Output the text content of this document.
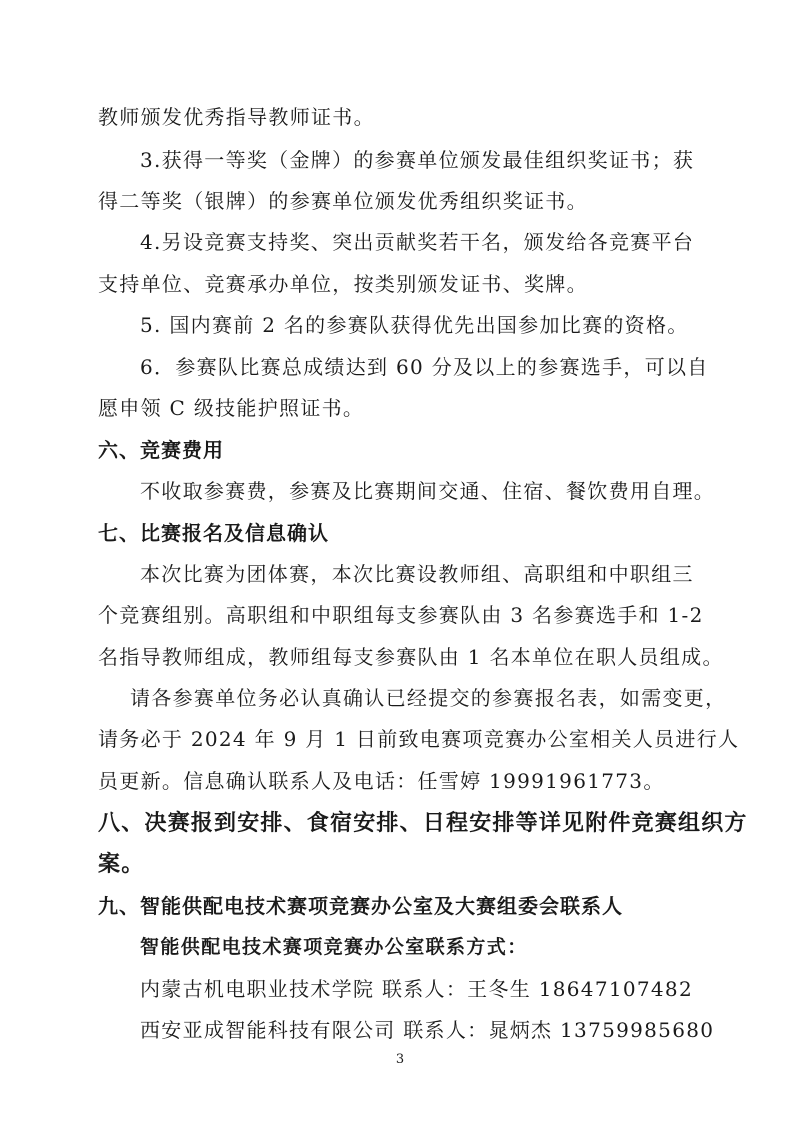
教师颁发优秀指导教师证书。
3.获得一等奖（金牌）的参赛单位颁发最佳组织奖证书；获
得二等奖（银牌）的参赛单位颁发优秀组织奖证书。
4.另设竞赛支持奖、突出贡献奖若干名，颁发给各竞赛平台
支持单位、竞赛承办单位，按类别颁发证书、奖牌。
5. 国内赛前 2 名的参赛队获得优先出国参加比赛的资格。
6．参赛队比赛总成绩达到 60 分及以上的参赛选手，可以自
愿申领 C 级技能护照证书。
六、竞赛费用
不收取参赛费，参赛及比赛期间交通、住宿、餐饮费用自理。
七、比赛报名及信息确认
本次比赛为团体赛，本次比赛设教师组、高职组和中职组三
个竞赛组别。高职组和中职组每支参赛队由 3 名参赛选手和 1-2
名指导教师组成，教师组每支参赛队由 1 名本单位在职人员组成。
请各参赛单位务必认真确认已经提交的参赛报名表，如需变更，
请务必于 2024 年 9 月 1 日前致电赛项竞赛办公室相关人员进行人
员更新。信息确认联系人及电话：任雪婷 19991961773。
八、决赛报到安排、食宿安排、日程安排等详见附件竞赛组织方
案。
九、智能供配电技术赛项竞赛办公室及大赛组委会联系人
智能供配电技术赛项竞赛办公室联系方式：
内蒙古机电职业技术学院 联系人：王冬生 18647107482
西安亚成智能科技有限公司 联系人：晁炳杰 13759985680
3
